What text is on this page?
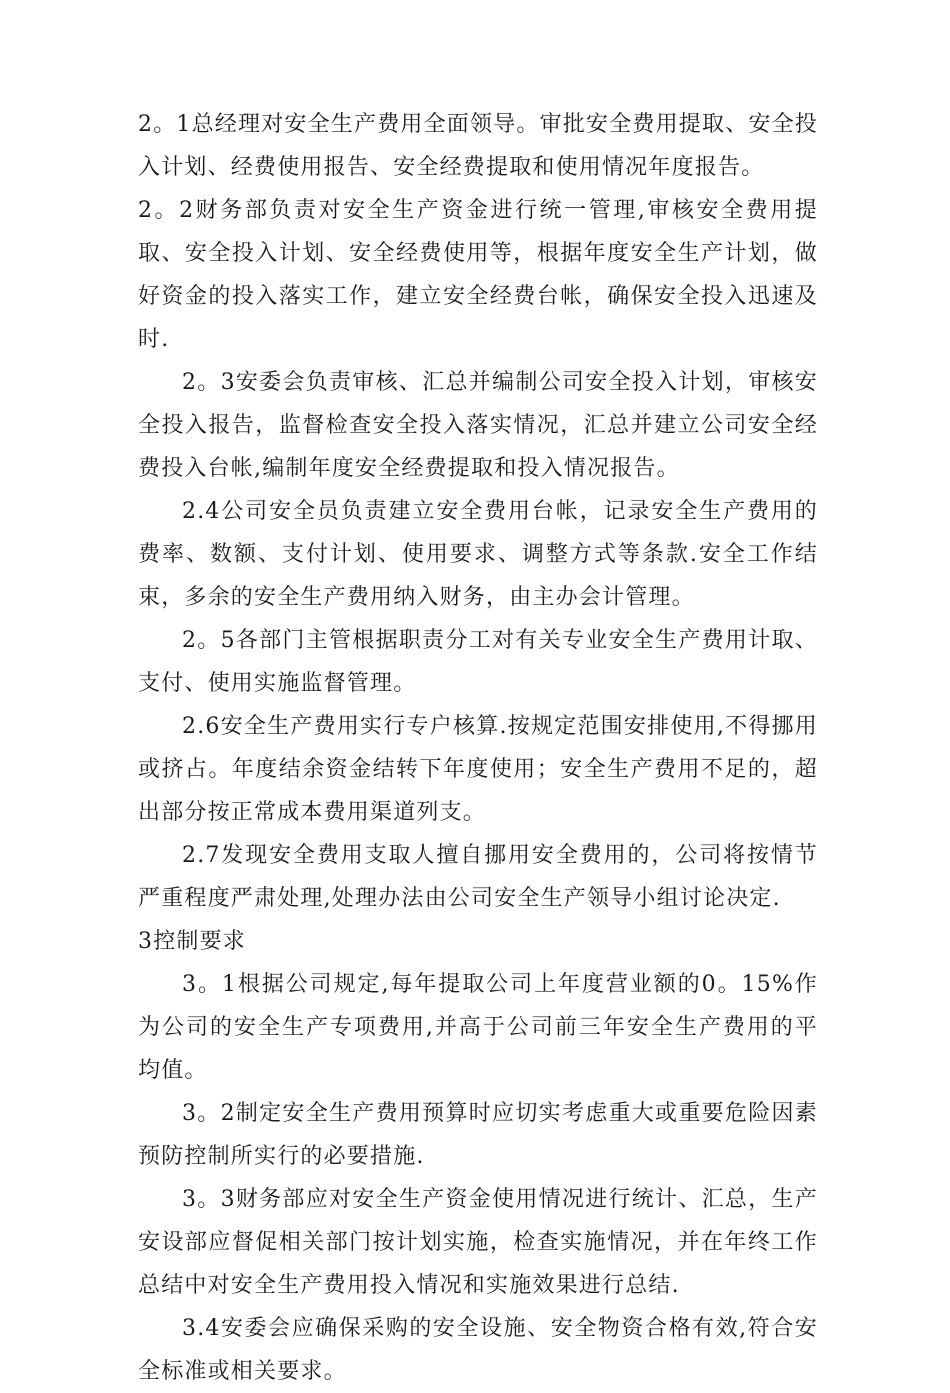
2。1总经理对安全生产费用全面领导。审批安全费用提取、安全投入计划、经费使用报告、安全经费提取和使用情况年度报告。

2。2财务部负责对安全生产资金进行统一管理,审核安全费用提取、安全投入计划、安全经费使用等，根据年度安全生产计划，做好资金的投入落实工作，建立安全经费台帐，确保安全投入迅速及时.

2。3安委会负责审核、汇总并编制公司安全投入计划，审核安全投入报告，监督检查安全投入落实情况，汇总并建立公司安全经费投入台帐,编制年度安全经费提取和投入情况报告。

2.4公司安全员负责建立安全费用台帐，记录安全生产费用的费率、数额、支付计划、使用要求、调整方式等条款.安全工作结束，多余的安全生产费用纳入财务，由主办会计管理。

2。5各部门主管根据职责分工对有关专业安全生产费用计取、支付、使用实施监督管理。

2.6安全生产费用实行专户核算.按规定范围安排使用,不得挪用或挤占。年度结余资金结转下年度使用；安全生产费用不足的，超出部分按正常成本费用渠道列支。

2.7发现安全费用支取人擅自挪用安全费用的，公司将按情节严重程度严肃处理,处理办法由公司安全生产领导小组讨论决定.

3控制要求

3。1根据公司规定,每年提取公司上年度营业额的0。15%作为公司的安全生产专项费用,并高于公司前三年安全生产费用的平均值。

3。2制定安全生产费用预算时应切实考虑重大或重要危险因素预防控制所实行的必要措施.

3。3财务部应对安全生产资金使用情况进行统计、汇总，生产安设部应督促相关部门按计划实施，检查实施情况，并在年终工作总结中对安全生产费用投入情况和实施效果进行总结.

3.4安委会应确保采购的安全设施、安全物资合格有效,符合安全标准或相关要求。
